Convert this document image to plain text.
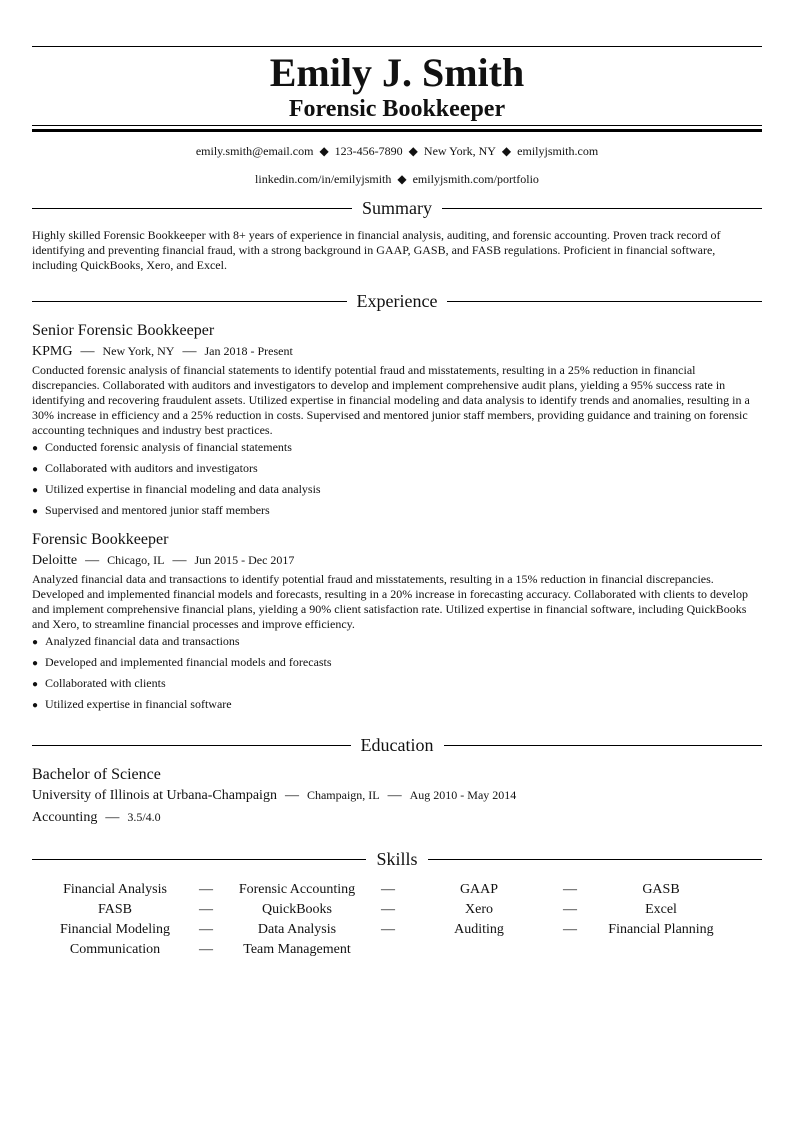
Emily J. Smith
Forensic Bookkeeper
emily.smith@email.com ◆ 123-456-7890 ◆ New York, NY ◆ emilyjsmith.com
linkedin.com/in/emilyjsmith ◆ emilyjsmith.com/portfolio
Summary
Highly skilled Forensic Bookkeeper with 8+ years of experience in financial analysis, auditing, and forensic accounting. Proven track record of identifying and preventing financial fraud, with a strong background in GAAP, GASB, and FASB regulations. Proficient in financial software, including QuickBooks, Xero, and Excel.
Experience
Senior Forensic Bookkeeper
KPMG — New York, NY — Jan 2018 - Present
Conducted forensic analysis of financial statements to identify potential fraud and misstatements, resulting in a 25% reduction in financial discrepancies. Collaborated with auditors and investigators to develop and implement comprehensive audit plans, yielding a 95% success rate in identifying and recovering fraudulent assets. Utilized expertise in financial modeling and data analysis to identify trends and anomalies, resulting in a 30% increase in efficiency and a 25% reduction in costs. Supervised and mentored junior staff members, providing guidance and training on forensic accounting techniques and industry best practices.
● Conducted forensic analysis of financial statements
● Collaborated with auditors and investigators
● Utilized expertise in financial modeling and data analysis
● Supervised and mentored junior staff members
Forensic Bookkeeper
Deloitte — Chicago, IL — Jun 2015 - Dec 2017
Analyzed financial data and transactions to identify potential fraud and misstatements, resulting in a 15% reduction in financial discrepancies. Developed and implemented financial models and forecasts, resulting in a 20% increase in forecasting accuracy. Collaborated with clients to develop and implement comprehensive financial plans, yielding a 90% client satisfaction rate. Utilized expertise in financial software, including QuickBooks and Xero, to streamline financial processes and improve efficiency.
● Analyzed financial data and transactions
● Developed and implemented financial models and forecasts
● Collaborated with clients
● Utilized expertise in financial software
Education
Bachelor of Science
University of Illinois at Urbana-Champaign — Champaign, IL — Aug 2010 - May 2014
Accounting — 3.5/4.0
Skills
Financial Analysis	—	Forensic Accounting	—	GAAP	—	GASB
FASB	—	QuickBooks	—	Xero	—	Excel
Financial Modeling	—	Data Analysis	—	Auditing	—	Financial Planning
Communication	—	Team Management
